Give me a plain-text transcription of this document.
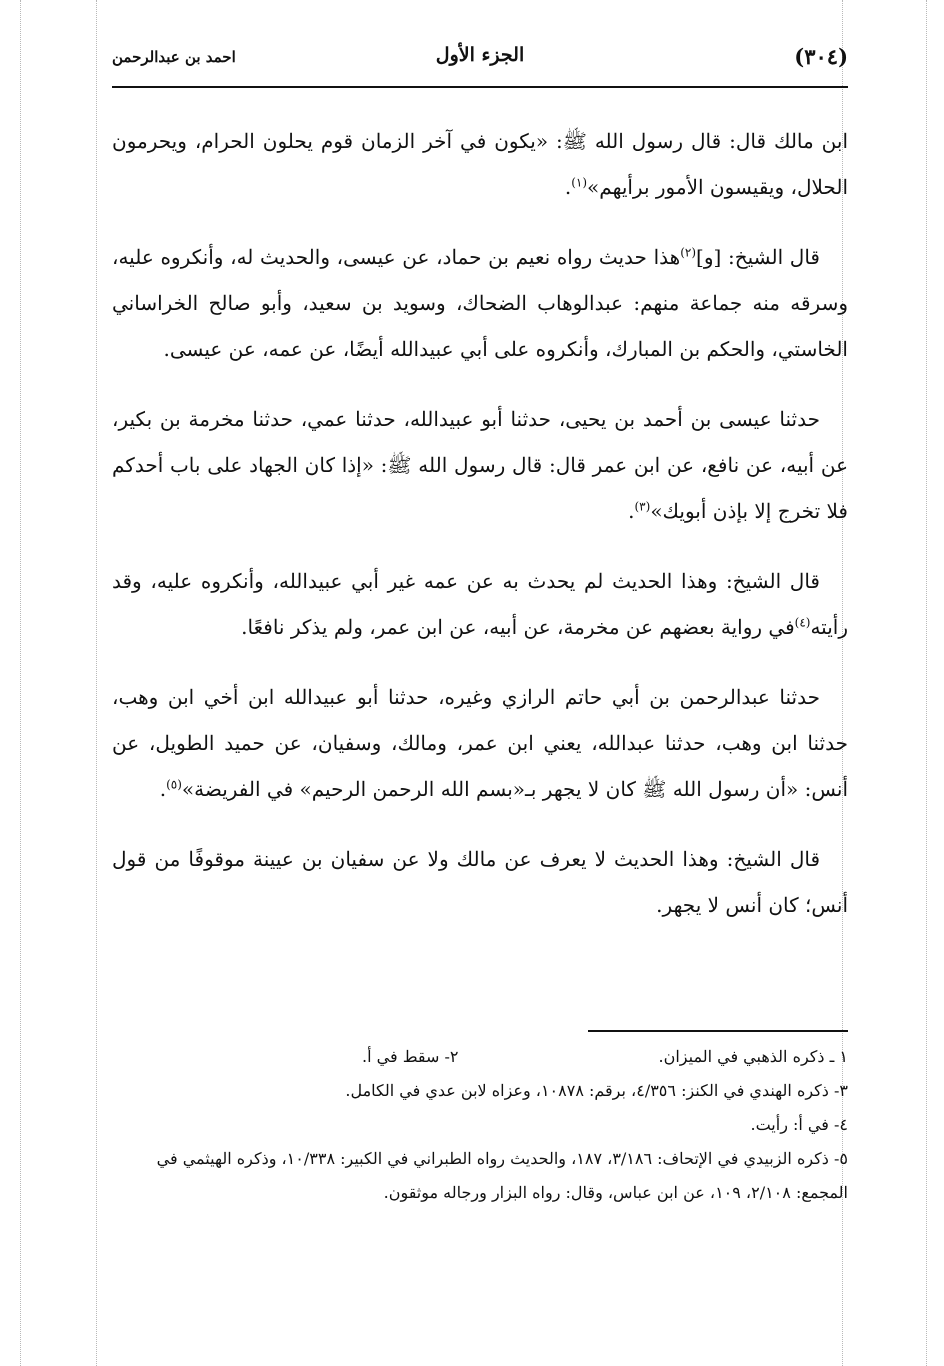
(٣٠٤)
الجزء الأول
احمد بن عبدالرحمن

ابن مالك قال: قال رسول الله ﷺ: «يكون في آخر الزمان قوم يحلون الحرام، ويحرمون الحلال، ويقيسون الأمور برأيهم»$^{(١)}$.

قال الشيخ: [و]$^{(٢)}$هذا حديث رواه نعيم بن حماد، عن عيسى، والحديث له، وأنكروه عليه، وسرقه منه جماعة منهم: عبدالوهاب الضحاك، وسويد بن سعيد، وأبو صالح الخراساني الخاستي، والحكم بن المبارك، وأنكروه على أبي عبيدالله أيضًا، عن عمه، عن عيسى.

حدثنا عيسى بن أحمد بن يحيى، حدثنا أبو عبيدالله، حدثنا عمي، حدثنا مخرمة بن بكير، عن أبيه، عن نافع، عن ابن عمر قال: قال رسول الله ﷺ: «إذا كان الجهاد على باب أحدكم فلا تخرج إلا بإذن أبويك»$^{(٣)}$.

قال الشيخ: وهذا الحديث لم يحدث به عن عمه غير أبي عبيدالله، وأنكروه عليه، وقد رأيته$^{(٤)}$في رواية بعضهم عن مخرمة، عن أبيه، عن ابن عمر، ولم يذكر نافعًا.

حدثنا عبدالرحمن بن أبي حاتم الرازي وغيره، حدثنا أبو عبيدالله ابن أخي ابن وهب، حدثنا ابن وهب، حدثنا عبدالله، يعني ابن عمر، ومالك، وسفيان، عن حميد الطويل، عن أنس: «أن رسول الله ﷺ كان لا يجهر بـ«بسم الله الرحمن الرحيم» في الفريضة»$^{(٥)}$.

قال الشيخ: وهذا الحديث لا يعرف عن مالك ولا عن سفيان بن عيينة موقوفًا من قول أنس؛ كان أنس لا يجهر.

١ ـ ذكره الذهبي في الميزان.
٢- سقط في أ.

٣- ذكره الهندي في الكنز: ٤/٣٥٦، برقم: ١٠٨٧٨، وعزاه لابن عدي في الكامل.

٤- في أ: رأيت.

٥- ذكره الزبيدي في الإتحاف: ٣/١٨٦، ١٨٧، والحديث رواه الطبراني في الكبير: ١٠/٣٣٨، وذكره الهيثمي في المجمع: ٢/١٠٨، ١٠٩، عن ابن عباس، وقال: رواه البزار ورجاله موثقون.
